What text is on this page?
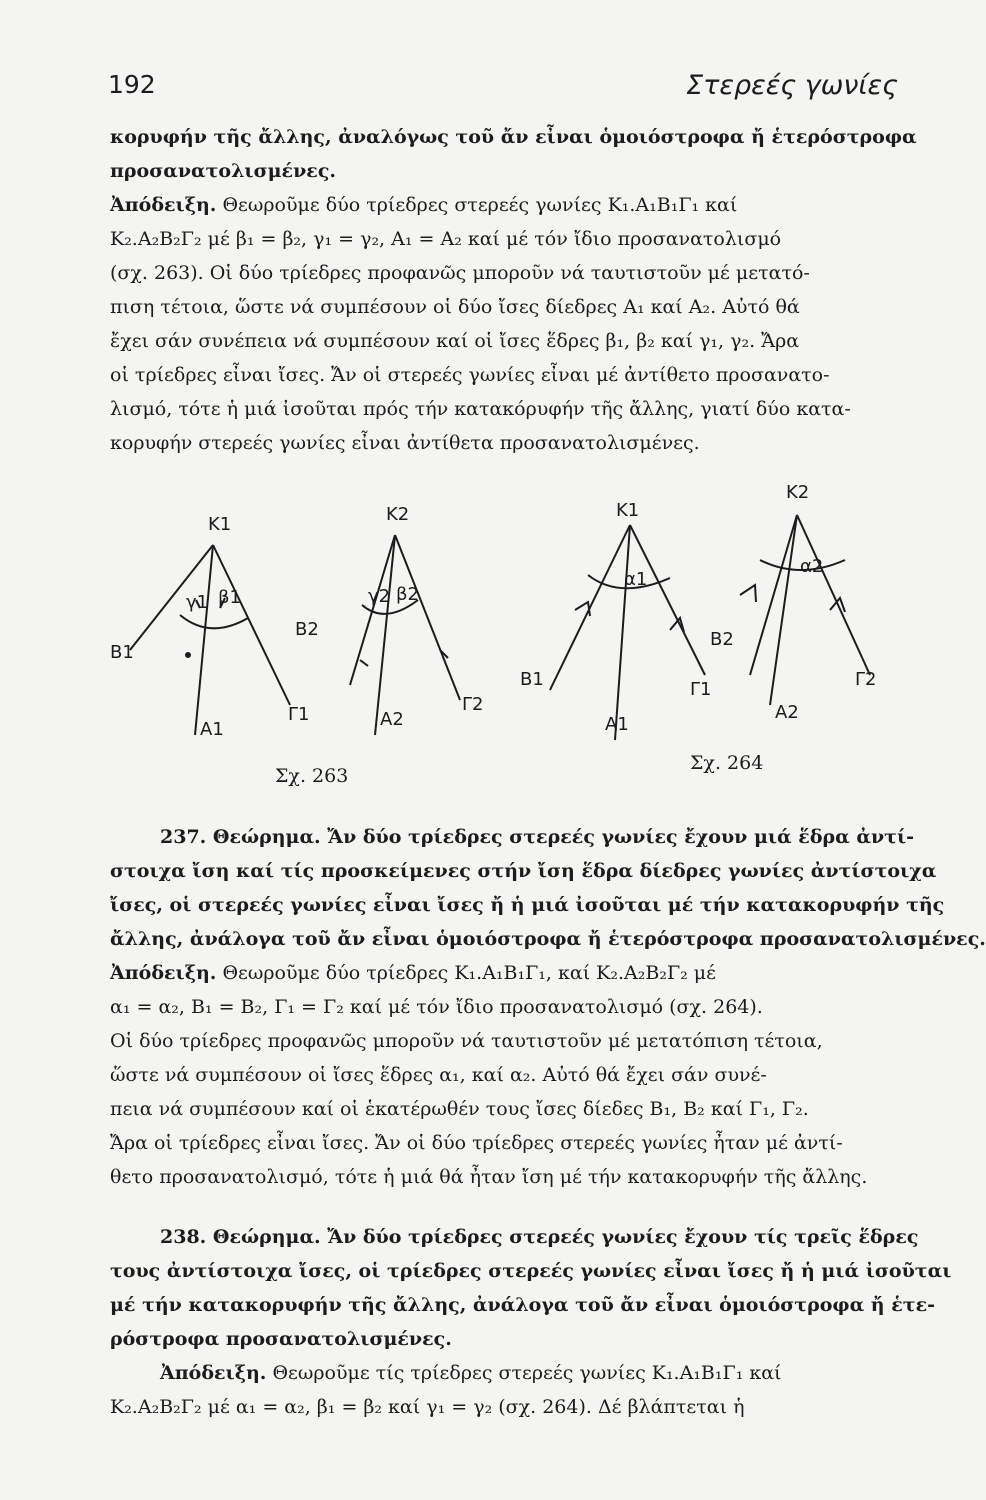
192	Στερεές γωνίες
κορυφήν τῆς ἄλλης, ἀναλόγως τοῦ ἄν εἶναι ὁμοιόστροφα ἤ ἑτερόστροφα
προσανατολισμένες.
Ἀπόδειξη. Θεωροῦμε δύο τρίεδρες στερεές γωνίες Κ₁.Α₁Β₁Γ₁ καί
Κ₂.Α₂Β₂Γ₂ μέ β₁ = β₂, γ₁ = γ₂, Α₁ = Α₂ καί μέ τόν ἴδιο προσανατολισμό
(σχ. 263). Οἱ δύο τρίεδρες προφανῶς μποροῦν νά ταυτιστοῦν μέ μετατό-
πιση τέτοια, ὥστε νά συμπέσουν οἱ δύο ἴσες δίεδρες Α₁ καί Α₂. Αὐτό θά
ἔχει σάν συνέπεια νά συμπέσουν καί οἱ ἴσες ἕδρες β₁, β₂ καί γ₁, γ₂. Ἄρα
οἱ τρίεδρες εἶναι ἴσες. Ἄν οἱ στερεές γωνίες εἶναι μέ ἀντίθετο προσανατο-
λισμό, τότε ἡ μιά ἰσοῦται πρός τήν κατακόρυφήν τῆς ἄλλης, γιατί δύο κατα-
κορυφήν στερεές γωνίες εἶναι ἀντίθετα προσανατολισμένες.
Κ1
β1
γ1
Β1
Α1
Γ1
Κ2
β2
γ2
Β2
Α2
Γ2
Κ1
α1
Β1
Α1
Γ1
Κ2
α2
Β2
Α2
Γ2
Σχ. 263
Σχ. 264
237. Θεώρημα. Ἄν δύο τρίεδρες στερεές γωνίες ἔχουν μιά ἕδρα ἀντί-
στοιχα ἴση καί τίς προσκείμενες στήν ἴση ἕδρα δίεδρες γωνίες ἀντίστοιχα
ἴσες, οἱ στερεές γωνίες εἶναι ἴσες ἤ ἡ μιά ἰσοῦται μέ τήν κατακορυφήν τῆς
ἄλλης, ἀνάλογα τοῦ ἄν εἶναι ὁμοιόστροφα ἤ ἑτερόστροφα προσανατολισμένες.
Ἀπόδειξη. Θεωροῦμε δύο τρίεδρες Κ₁.Α₁Β₁Γ₁, καί Κ₂.Α₂Β₂Γ₂ μέ
α₁ = α₂, Β₁ = Β₂, Γ₁ = Γ₂ καί μέ τόν ἴδιο προσανατολισμό (σχ. 264).
Οἱ δύο τρίεδρες προφανῶς μποροῦν νά ταυτιστοῦν μέ μετατόπιση τέτοια,
ὥστε νά συμπέσουν οἱ ἴσες ἕδρες α₁, καί α₂. Αὐτό θά ἔχει σάν συνέ-
πεια νά συμπέσουν καί οἱ ἑκατέρωθέν τους ἴσες δίεδες Β₁, Β₂ καί Γ₁, Γ₂.
Ἄρα οἱ τρίεδρες εἶναι ἴσες. Ἄν οἱ δύο τρίεδρες στερεές γωνίες ἦταν μέ ἀντί-
θετο προσανατολισμό, τότε ἡ μιά θά ἦταν ἴση μέ τήν κατακορυφήν τῆς ἄλλης.
238. Θεώρημα. Ἄν δύο τρίεδρες στερεές γωνίες ἔχουν τίς τρεῖς ἕδρες
τους ἀντίστοιχα ἴσες, οἱ τρίεδρες στερεές γωνίες εἶναι ἴσες ἤ ἡ μιά ἰσοῦται
μέ τήν κατακορυφήν τῆς ἄλλης, ἀνάλογα τοῦ ἄν εἶναι ὁμοιόστροφα ἤ ἑτε-
ρόστροφα προσανατολισμένες.
Ἀπόδειξη. Θεωροῦμε τίς τρίεδρες στερεές γωνίες Κ₁.Α₁Β₁Γ₁ καί
Κ₂.Α₂Β₂Γ₂ μέ α₁ = α₂, β₁ = β₂ καί γ₁ = γ₂ (σχ. 264). Δέ βλάπτεται ἡ
